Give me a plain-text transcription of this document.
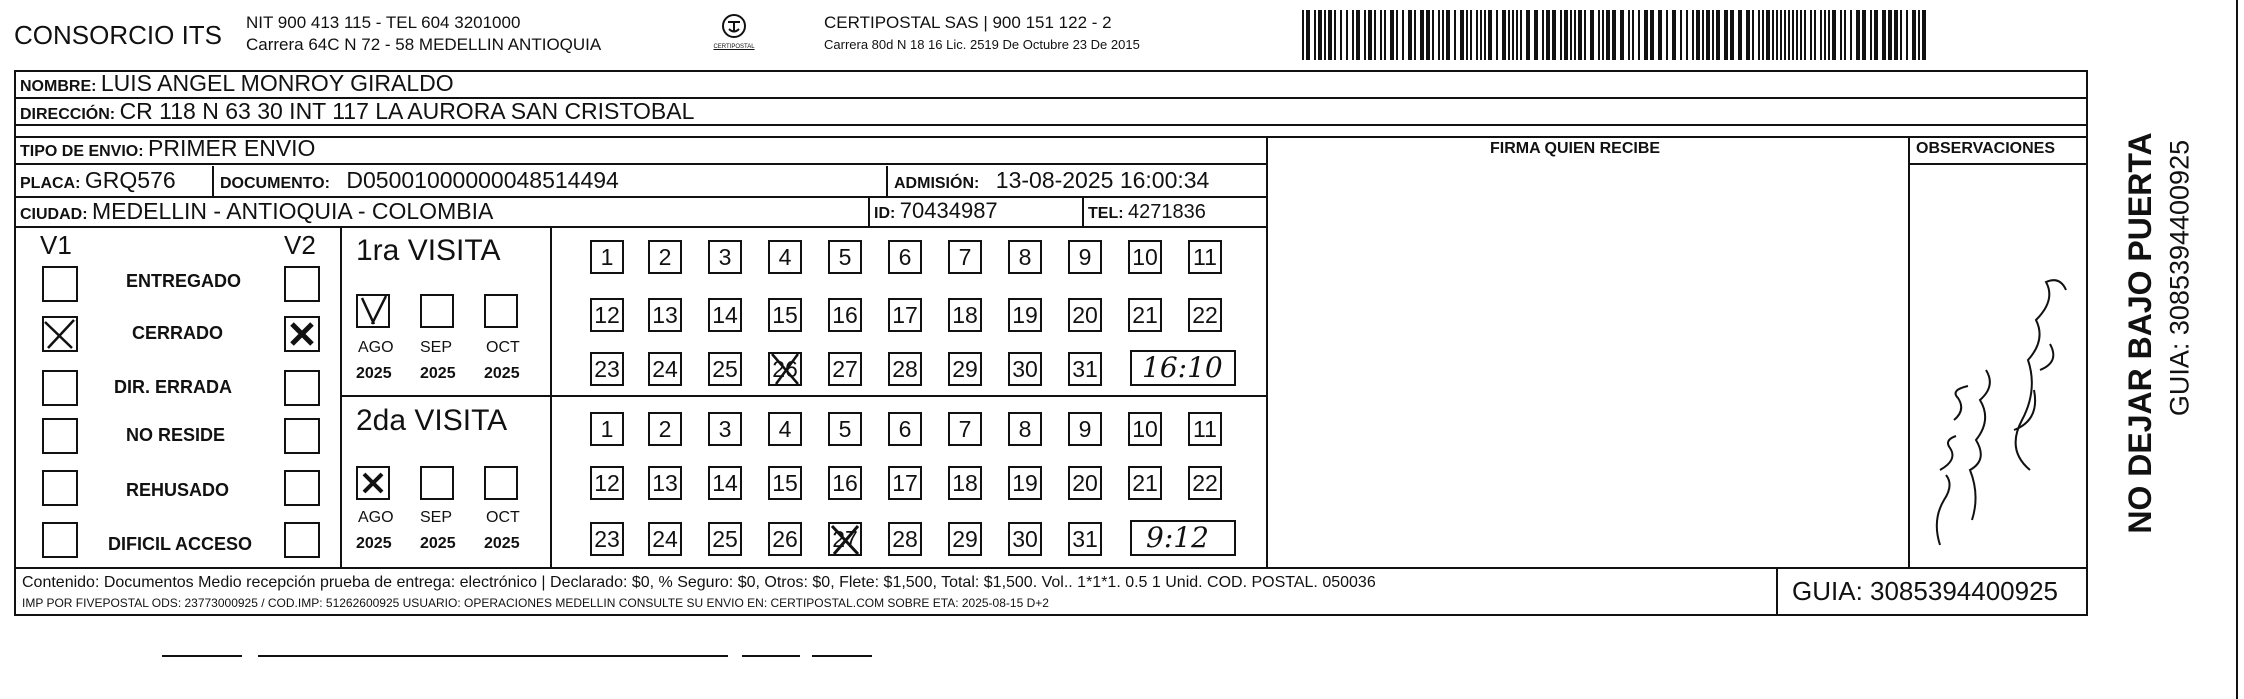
CONSORCIO ITS NIT 900 413 115 - TEL 604 3201000
Carrera 64C N 72 - 58 MEDELLIN ANTIOQUIA	CERTIPOSTAL
CERTIPOSTAL SAS | 900 151 122 - 2
Carrera 80d N 18 16 Lic. 2519 De Octubre 23 De 2015
NOMBRE: LUIS ANGEL MONROY GIRALDO
DIRECCIÓN: CR 118 N 63 30 INT 117 LA AURORA SAN CRISTOBAL
TIPO DE ENVIO: PRIMER ENVIO	FIRMA QUIEN RECIBE	OBSERVACIONES
PLACA: GRQ576	DOCUMENTO: D05001000000048514494	ADMISIÓN: 13-08-2025 16:00:34
CIUDAD: MEDELLIN - ANTIOQUIA - COLOMBIA	ID: 70434987	TEL: 4271836
V1	V2
ENTREGADO
CERRADO
DIR. ERRADA
NO RESIDE
REHUSADO
DIFICIL ACCESO
1ra VISITA
AGO SEP OCT
2025 2025 2025
1	2	3	4	5	6	7	8	9	10 11
12 13 14 15 16 17 18 19 20 21 22
23 24 25 26 27 28 29 30 31 16:10
2da VISITA
AGO SEP OCT
2025 2025 2025
1	2	3	4	5	6	7	8	9	10 11
12 13 14 15 16 17 18 19 20 21 22
23 24 25 26 27 28 29 30 31 9:12
Contenido: Documentos Medio recepción prueba de entrega: electrónico | Declarado: $0, % Seguro: $0, Otros: $0, Flete: $1,500, Total: $1,500. Vol.. 1*1*1. 0.5 1 Unid. COD. POSTAL. 050036
IMP POR FIVEPOSTAL ODS: 23773000925 / COD.IMP: 51262600925 USUARIO: OPERACIONES MEDELLIN CONSULTE SU ENVIO EN: CERTIPOSTAL.COM SOBRE ETA: 2025-08-15 D+2	GUIA: 3085394400925
NO DEJAR BAJO PUERTA GUIA: 3085394400925
